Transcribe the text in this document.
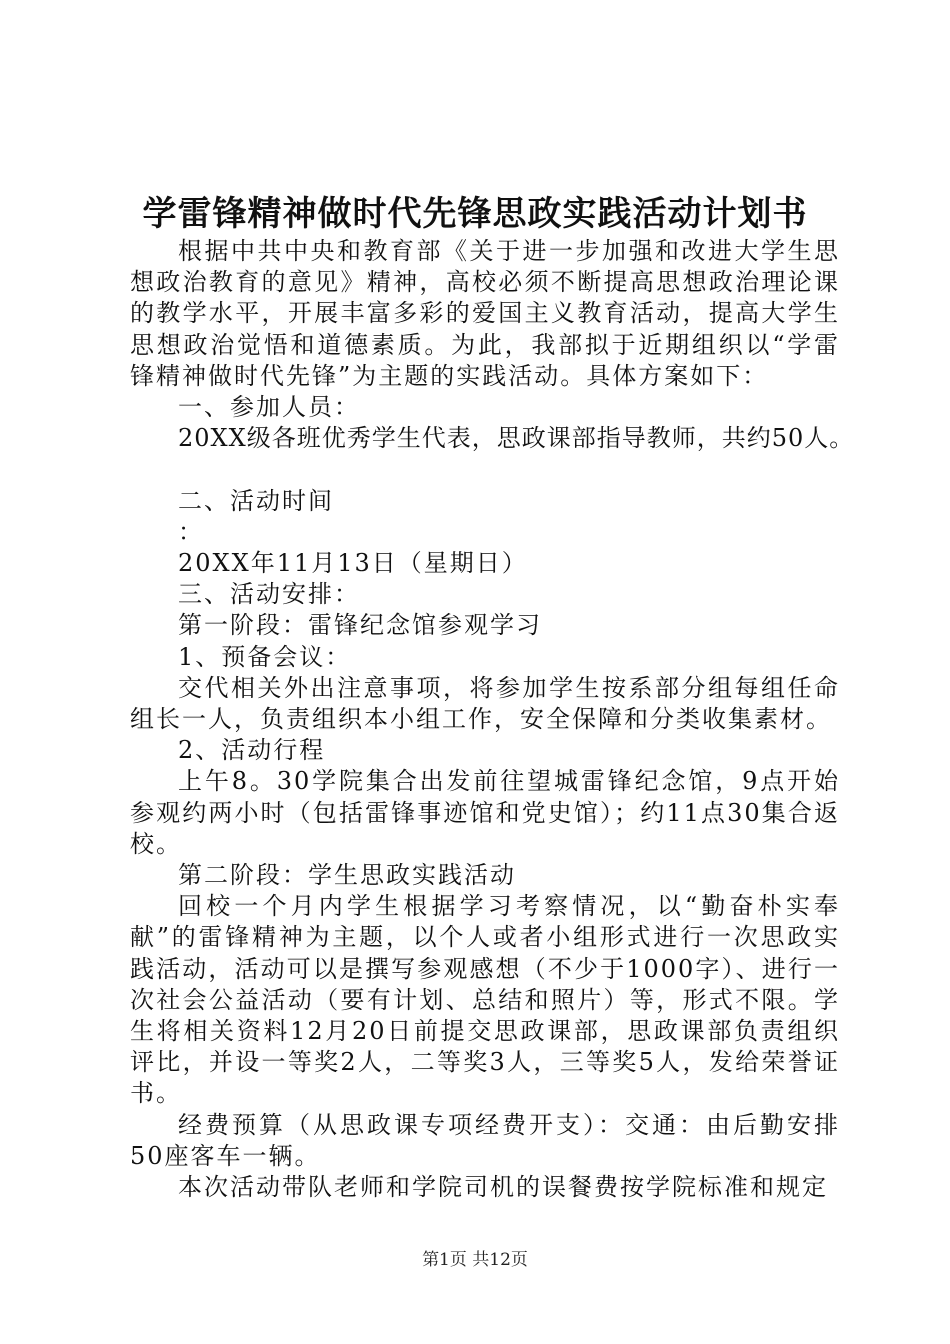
学雷锋精神做时代先锋思政实践活动计划书

根据中共中央和教育部《关于进一步加强和改进大学生思想政治教育的意见》精神，高校必须不断提高思想政治理论课的教学水平，开展丰富多彩的爱国主义教育活动，提高大学生思想政治觉悟和道德素质。为此，我部拟于近期组织以“学雷锋精神做时代先锋”为主题的实践活动。具体方案如下：

一、参加人员：

20XX级各班优秀学生代表，思政课部指导教师，共约50人。

二、活动时间

：

20XX年11月13日（星期日）

三、活动安排：

第一阶段：雷锋纪念馆参观学习

1、预备会议：

交代相关外出注意事项，将参加学生按系部分组每组任命组长一人，负责组织本小组工作，安全保障和分类收集素材。

2、活动行程

上午8。30学院集合出发前往望城雷锋纪念馆，9点开始参观约两小时（包括雷锋事迹馆和党史馆）；约11点30集合返校。

第二阶段：学生思政实践活动

回校一个月内学生根据学习考察情况，以“勤奋朴实奉献”的雷锋精神为主题，以个人或者小组形式进行一次思政实践活动，活动可以是撰写参观感想（不少于1000字）、进行一次社会公益活动（要有计划、总结和照片）等，形式不限。学生将相关资料12月20日前提交思政课部，思政课部负责组织评比，并设一等奖2人，二等奖3人，三等奖5人，发给荣誉证书。

经费预算（从思政课专项经费开支）：交通：由后勤安排50座客车一辆。

本次活动带队老师和学院司机的误餐费按学院标准和规定

第1页 共12页
